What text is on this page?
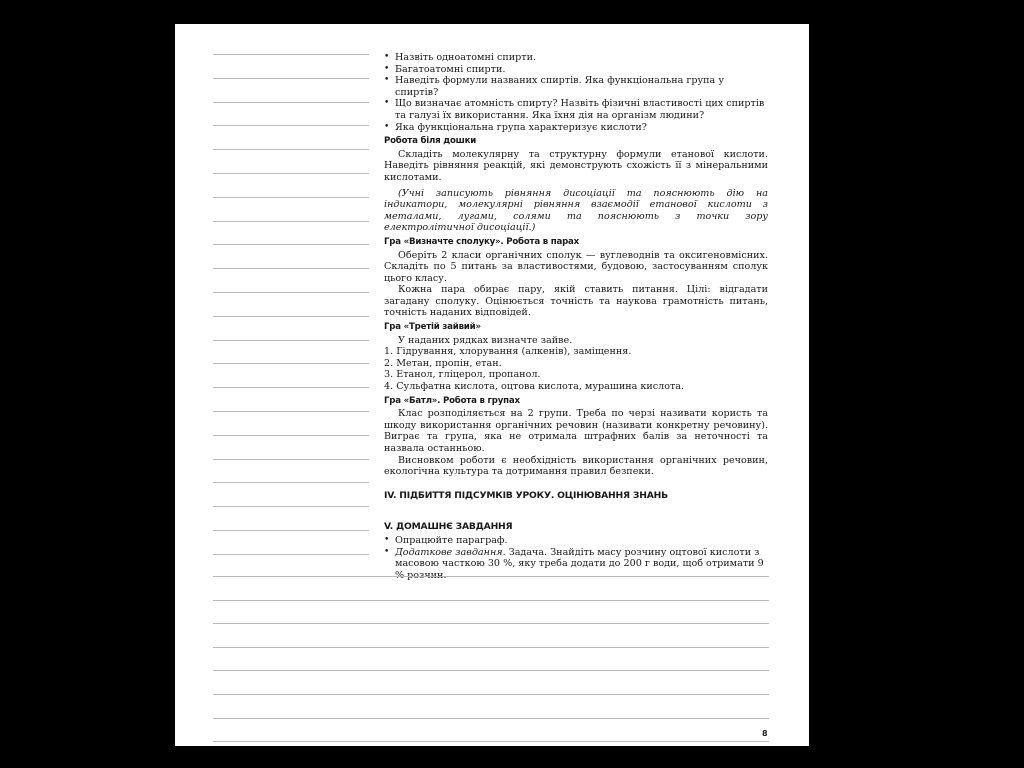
• Назвіть одноатомні спирти.
• Багатоатомні спирти.
• Наведіть формули названих спиртів. Яка функціональна група у спиртів?
• Що визначає атомність спирту? Назвіть фізичні властивості цих спиртів та галузі їх використання. Яка їхня дія на організм людини?
• Яка функціональна група характеризує кислоти?
Робота біля дошки
Складіть молекулярну та структурну формули етанової кислоти. Наведіть рівняння реакцій, які демонструють схожість її з мінеральними кислотами.
(Учні записують рівняння дисоціації та пояснюють дію на індикатори, молекулярні рівняння взаємодії етанової кислоти з металами, лугами, солями та пояснюють з точки зору електролітичної дисоціації.)
Гра «Визначте сполуку». Робота в парах
Оберіть 2 класи органічних сполук — вуглеводнів та оксигеновмісних. Складіть по 5 питань за властивостями, будовою, застосуванням сполук цього класу.
Кожна пара обирає пару, якій ставить питання. Цілі: відгадати загадану сполуку. Оцінюється точність та наукова грамотність питань, точність наданих відповідей.
Гра «Третій зайвий»
У наданих рядках визначте зайве.
1. Гідрування, хлорування (алкенів), заміщення.
2. Метан, пропін, етан.
3. Етанол, гліцерол, пропанол.
4. Сульфатна кислота, оцтова кислота, мурашина кислота.
Гра «Батл». Робота в групах
Клас розподіляється на 2 групи. Треба по черзі називати користь та шкоду використання органічних речовин (називати конкретну речовину). Виграє та група, яка не отримала штрафних балів за неточності та назвала останньою.
Висновком роботи є необхідність використання органічних речовин, екологічна культура та дотримання правил безпеки.
IV. ПІДБИТТЯ ПІДСУМКІВ УРОКУ. ОЦІНЮВАННЯ ЗНАНЬ
V. ДОМАШНЄ ЗАВДАННЯ
• Опрацюйте параграф.
• Додаткове завдання. Задача. Знайдіть масу розчину оцтової кислоти з масовою часткою 30 %, яку треба додати до 200 г води, щоб отримати 9 % розчин.
8
